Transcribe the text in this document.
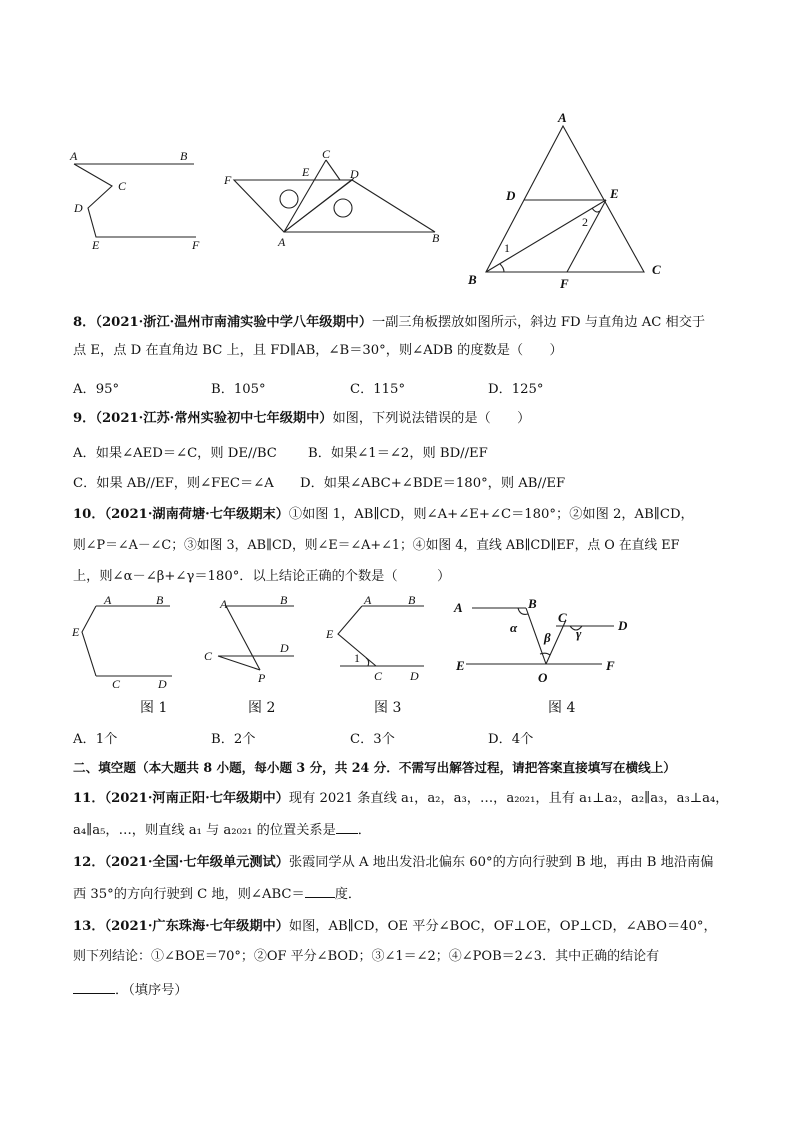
A	B
C
D
E	F
F
E
C
D
A	B
A
D	E
B	F
C
1
2
8．（2021·浙江·温州市南浦实验中学八年级期中）一副三角板摆放如图所示，斜边 FD 与直角边 AC 相交于
点 E，点 D 在直角边 BC 上，且 FD∥AB，∠B＝30°，则∠ADB 的度数是（　　）
A．95°	B．105°	C．115°	D．125°
9．（2021·江苏·常州实验初中七年级期中）如图，下列说法错误的是（　　）
A．如果∠AED＝∠C，则 DE//BC B．如果∠1＝∠2，则 BD//EF
C．如果 AB//EF，则∠FEC＝∠A D．如果∠ABC+∠BDE＝180°，则 AB//EF
10．（2021·湖南荷塘·七年级期末）①如图 1，AB∥CD，则∠A+∠E+∠C＝180°；②如图 2，AB∥CD，
则∠P＝∠A－∠C；③如图 3，AB∥CD，则∠E＝∠A+∠1；④如图 4，直线 AB∥CD∥EF，点 O 在直线 EF
上，则∠α－∠β+∠γ＝180°．以上结论正确的个数是（　　　）
A	B
E
C	D
A	B
C
D
P
A	B
E
1
C D
A	B
C
D
α
β γ
E
O
F
图 1	图 2	图 3	图 4
A．1个	B．2个	C．3个	D．4个
二、填空题（本大题共 8 小题，每小题 3 分，共 24 分．不需写出解答过程，请把答案直接填写在横线上）
11．（2021·河南正阳·七年级期中）现有 2021 条直线 a₁，a₂，a₃，…，a₂₀₂₁，且有 a₁⊥a₂，a₂∥a₃，a₃⊥a₄，
a₄∥a₅，…，则直线 a₁ 与 a₂₀₂₁ 的位置关系是 ．
12．（2021·全国·七年级单元测试）张霞同学从 A 地出发沿北偏东 60°的方向行驶到 B 地，再由 B 地沿南偏
西 35°的方向行驶到 C 地，则∠ABC＝ 度．
13．（2021·广东珠海·七年级期中）如图，AB∥CD，OE 平分∠BOC，OF⊥OE，OP⊥CD，∠ABO＝40°，
则下列结论：①∠BOE＝70°；②OF 平分∠BOD；③∠1＝∠2；④∠POB＝2∠3．其中正确的结论有
．（填序号）
